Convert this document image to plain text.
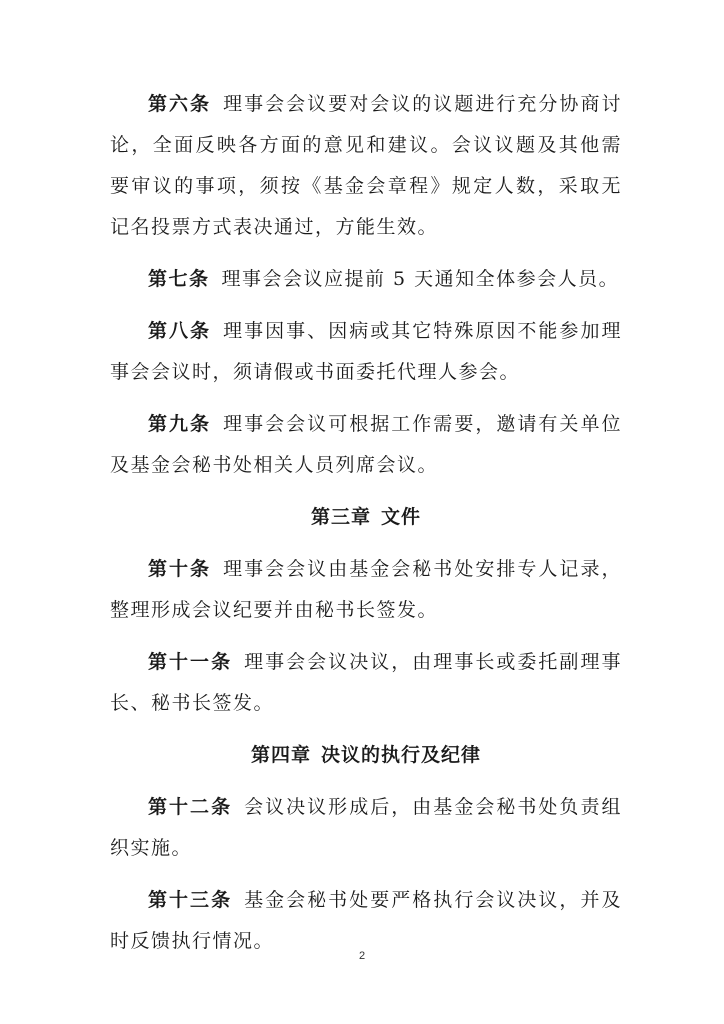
第六条 理事会会议要对会议的议题进行充分协商讨论，全面反映各方面的意见和建议。会议议题及其他需要审议的事项，须按《基金会章程》规定人数，采取无记名投票方式表决通过，方能生效。

第七条 理事会会议应提前 5 天通知全体参会人员。

第八条 理事因事、因病或其它特殊原因不能参加理事会会议时，须请假或书面委托代理人参会。

第九条 理事会会议可根据工作需要，邀请有关单位及基金会秘书处相关人员列席会议。

第三章 文件

第十条 理事会会议由基金会秘书处安排专人记录，整理形成会议纪要并由秘书长签发。

第十一条 理事会会议决议，由理事长或委托副理事长、秘书长签发。

第四章 决议的执行及纪律

第十二条 会议决议形成后，由基金会秘书处负责组织实施。

第十三条 基金会秘书处要严格执行会议决议，并及时反馈执行情况。

2
